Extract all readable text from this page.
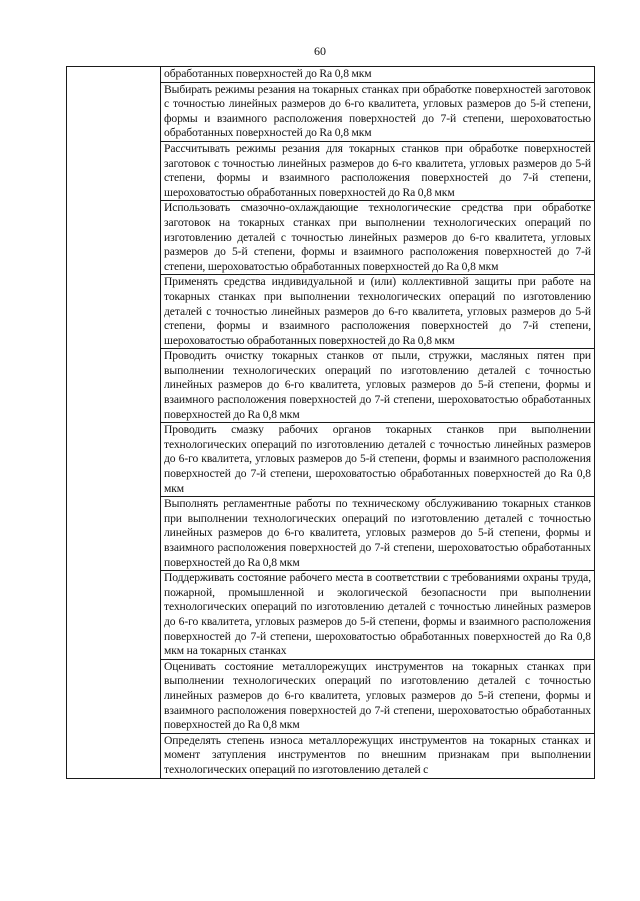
60

обработанных поверхностей до Ra 0,8 мкм

Выбирать режимы резания на токарных станках при обработке поверхностей заготовок с точностью линейных размеров до 6-го квалитета, угловых размеров до 5-й степени, формы и взаимного расположения поверхностей до 7-й степени, шероховатостью обработанных поверхностей до Ra 0,8 мкм

Рассчитывать режимы резания для токарных станков при обработке поверхностей заготовок с точностью линейных размеров до 6-го квалитета, угловых размеров до 5-й степени, формы и взаимного расположения поверхностей до 7-й степени, шероховатостью обработанных поверхностей до Ra 0,8 мкм

Использовать смазочно-охлаждающие технологические средства при обработке заготовок на токарных станках при выполнении технологических операций по изготовлению деталей с точностью линейных размеров до 6-го квалитета, угловых размеров до 5-й степени, формы и взаимного расположения поверхностей до 7-й степени, шероховатостью обработанных поверхностей до Ra 0,8 мкм

Применять средства индивидуальной и (или) коллективной защиты при работе на токарных станках при выполнении технологических операций по изготовлению деталей с точностью линейных размеров до 6-го квалитета, угловых размеров до 5-й степени, формы и взаимного расположения поверхностей до 7-й степени, шероховатостью обработанных поверхностей до Ra 0,8 мкм

Проводить очистку токарных станков от пыли, стружки, масляных пятен при выполнении технологических операций по изготовлению деталей с точностью линейных размеров до 6-го квалитета, угловых размеров до 5-й степени, формы и взаимного расположения поверхностей до 7-й степени, шероховатостью обработанных поверхностей до Ra 0,8 мкм

Проводить смазку рабочих органов токарных станков при выполнении технологических операций по изготовлению деталей с точностью линейных размеров до 6-го квалитета, угловых размеров до 5-й степени, формы и взаимного расположения поверхностей до 7-й степени, шероховатостью обработанных поверхностей до Ra 0,8 мкм

Выполнять регламентные работы по техническому обслуживанию токарных станков при выполнении технологических операций по изготовлению деталей с точностью линейных размеров до 6-го квалитета, угловых размеров до 5-й степени, формы и взаимного расположения поверхностей до 7-й степени, шероховатостью обработанных поверхностей до Ra 0,8 мкм

Поддерживать состояние рабочего места в соответствии с требованиями охраны труда, пожарной, промышленной и экологической безопасности при выполнении технологических операций по изготовлению деталей с точностью линейных размеров до 6-го квалитета, угловых размеров до 5-й степени, формы и взаимного расположения поверхностей до 7-й степени, шероховатостью обработанных поверхностей до Ra 0,8 мкм на токарных станках

Оценивать состояние металлорежущих инструментов на токарных станках при выполнении технологических операций по изготовлению деталей с точностью линейных размеров до 6-го квалитета, угловых размеров до 5-й степени, формы и взаимного расположения поверхностей до 7-й степени, шероховатостью обработанных поверхностей до Ra 0,8 мкм

Определять степень износа металлорежущих инструментов на токарных станках и момент затупления инструментов по внешним признакам при выполнении технологических операций по изготовлению деталей с
